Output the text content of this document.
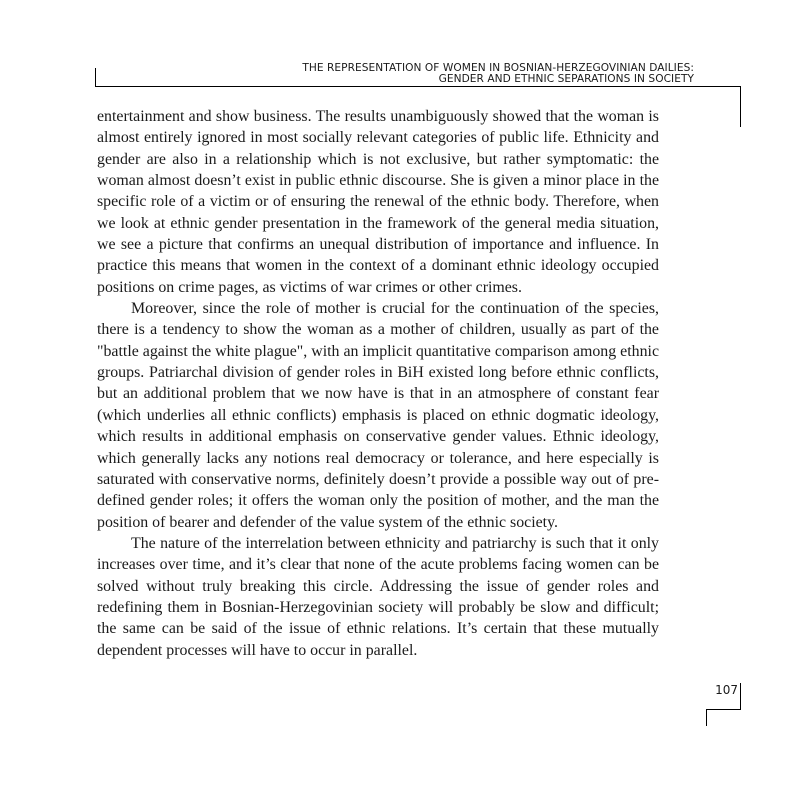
THE REPRESENTATION OF WOMEN IN BOSNIAN-HERZEGOVINIAN DAILIES:
GENDER AND ETHNIC SEPARATIONS IN SOCIETY

entertainment and show business. The results unambiguously showed that the woman is almost entirely ignored in most socially relevant categories of public life. Ethnicity and gender are also in a relationship which is not exclusive, but rather symptomatic: the woman almost doesn’t exist in public ethnic discourse. She is given a minor place in the specific role of a victim or of ensuring the renewal of the ethnic body. Therefore, when we look at ethnic gender presentation in the framework of the general media situation, we see a picture that confirms an unequal distribution of importance and influence. In practice this means that women in the context of a dominant ethnic ideology occupied positions on crime pages, as victims of war crimes or other crimes.

Moreover, since the role of mother is crucial for the continuation of the species, there is a tendency to show the woman as a mother of children, usually as part of the "battle against the white plague", with an implicit quantitative comparison among ethnic groups. Patriarchal division of gender roles in BiH existed long before ethnic conflicts, but an additional problem that we now have is that in an atmosphere of constant fear (which underlies all ethnic conflicts) emphasis is placed on ethnic dogmatic ideology, which results in additional emphasis on conservative gender values. Ethnic ideology, which generally lacks any notions real democracy or tolerance, and here especially is saturated with conservative norms, definitely doesn’t provide a possible way out of pre-defined gender roles; it offers the woman only the position of mother, and the man the position of bearer and defender of the value system of the ethnic society.

The nature of the interrelation between ethnicity and patriarchy is such that it only increases over time, and it’s clear that none of the acute problems facing women can be solved without truly breaking this circle. Addressing the issue of gender roles and redefining them in Bosnian-Herzegovinian society will probably be slow and difficult; the same can be said of the issue of ethnic relations. It’s certain that these mutually dependent processes will have to occur in parallel.

107
